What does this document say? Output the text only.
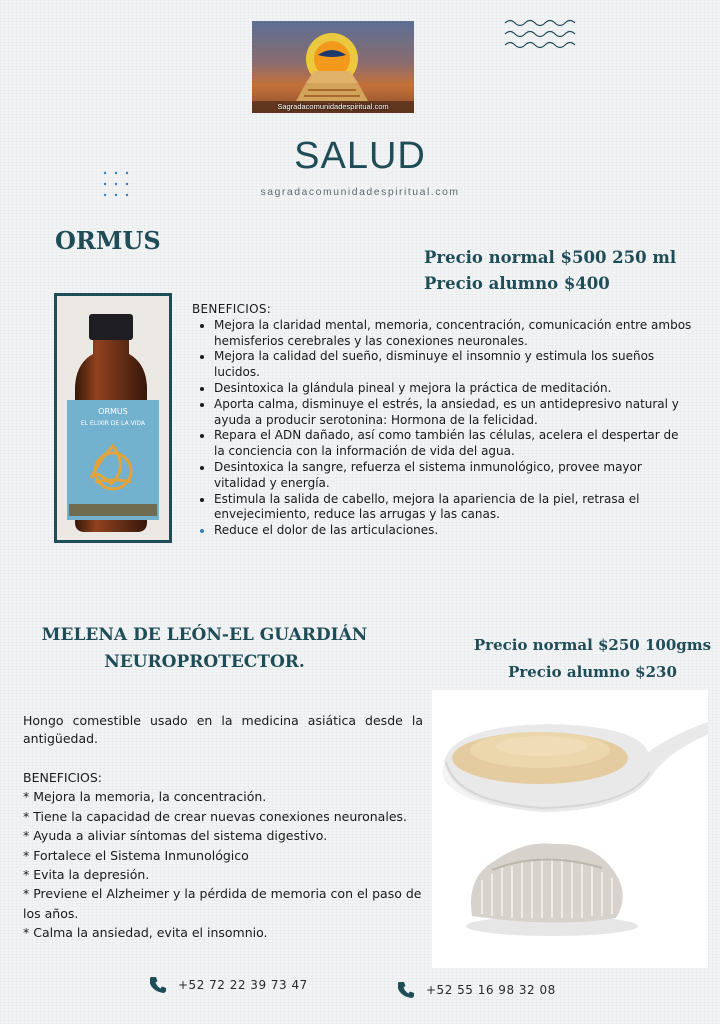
Sagradacomunidadespiritual.com
SALUD
sagradacomunidadespiritual.com
ORMUS
Precio normal $500 250 ml
Precio alumno $400
ORMUS
EL ELIXIR DE LA VIDA
BENEFICIOS:
• Mejora la claridad mental, memoria, concentración, comunicación entre ambos hemisferios cerebrales y las conexiones neuronales.
• Mejora la calidad del sueño, disminuye el insomnio y estimula los sueños lucidos.
• Desintoxica la glándula pineal y mejora la práctica de meditación.
• Aporta calma, disminuye el estrés, la ansiedad, es un antidepresivo natural y ayuda a producir serotonina: Hormona de la felicidad.
• Repara el ADN dañado, así como también las células, acelera el despertar de la conciencia con la información de vida del agua.
• Desintoxica la sangre, refuerza el sistema inmunológico, provee mayor vitalidad y energía.
• Estimula la salida de cabello, mejora la apariencia de la piel, retrasa el envejecimiento, reduce las arrugas y las canas.
• Reduce el dolor de las articulaciones.
MELENA DE LEÓN-EL GUARDIÁN
NEUROPROTECTOR.
Precio normal $250 100gms
Precio alumno $230
Hongo comestible usado en la medicina asiática desde la antigüedad.
BENEFICIOS:
* Mejora la memoria, la concentración.
* Tiene la capacidad de crear nuevas conexiones neuronales.
* Ayuda a aliviar síntomas del sistema digestivo.
* Fortalece el Sistema Inmunológico
* Evita la depresión.
* Previene el Alzheimer y la pérdida de memoria con el paso de los años.
* Calma la ansiedad, evita el insomnio.
+52 72 22 39 73 47	+52 55 16 98 32 08
